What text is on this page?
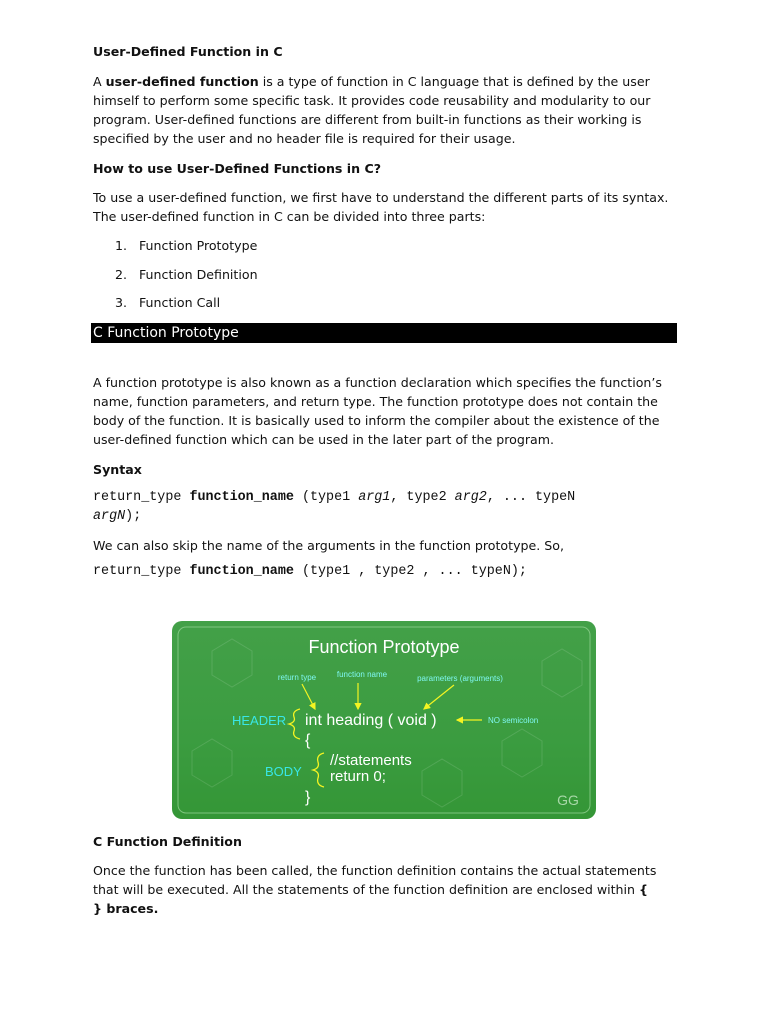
User-Defined Function in C

A user-defined function is a type of function in C language that is defined by the user

himself to perform some specific task. It provides code reusability and modularity to our

program. User-defined functions are different from built-in functions as their working is

specified by the user and no header file is required for their usage.

How to use User-Defined Functions in C?

To use a user-defined function, we first have to understand the different parts of its syntax.

The user-defined function in C can be divided into three parts:

1. Function Prototype
2. Function Definition
3. Function Call

A function prototype is also known as a function declaration which specifies the function’s

name, function parameters, and return type. The function prototype does not contain the

body of the function. It is basically used to inform the compiler about the existence of the

user-defined function which can be used in the later part of the program.

Syntax

return_type function_name (type1 arg1, type2 arg2, ... typeN

argN);

We can also skip the name of the arguments in the function prototype. So,

return_type function_name (type1 , type2 , ... typeN);

C Function Definition

Once the function has been called, the function definition contains the actual statements

that will be executed. All the statements of the function definition are enclosed within {

} braces.

C Function Prototype
Function Prototype
return type	function name	parameters (arguments)
HEADER int heading ( void )	NO semicolon
{
BODY
//statements
return 0;
}	GG
